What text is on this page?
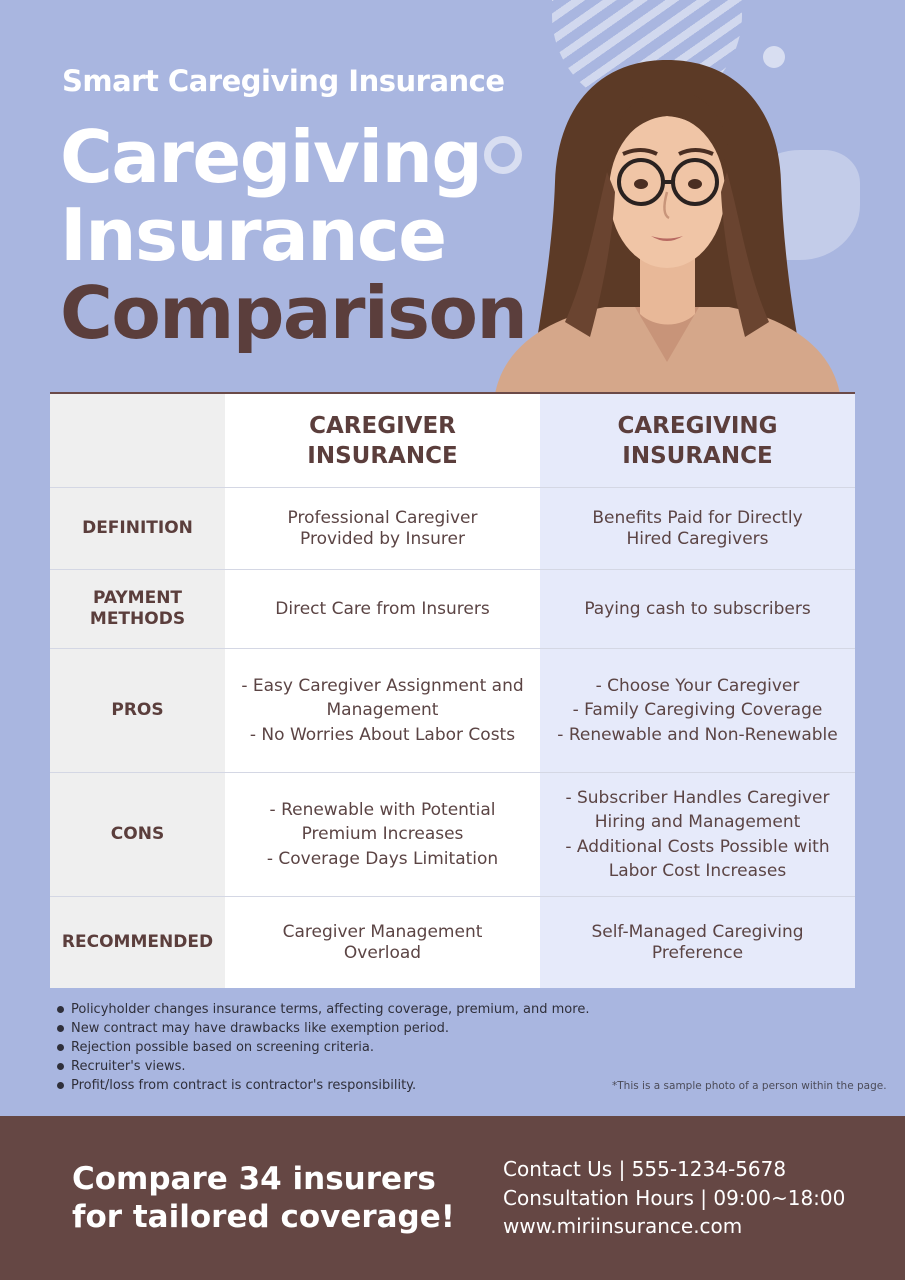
Smart Caregiving Insurance
Caregiving
Insurance
Comparison
CAREGIVER
INSURANCE
CAREGIVING
INSURANCE
DEFINITION
Professional Caregiver
Provided by Insurer
Benefits Paid for Directly
Hired Caregivers
PAYMENT
METHODS
Direct Care from Insurers	Paying cash to subscribers
PROS
- Easy Caregiver Assignment and
Management
- No Worries About Labor Costs
- Choose Your Caregiver
- Family Caregiving Coverage
- Renewable and Non-Renewable
CONS
- Renewable with Potential
Premium Increases
- Coverage Days Limitation
- Subscriber Handles Caregiver
Hiring and Management
- Additional Costs Possible with
Labor Cost Increases
RECOMMENDED
Caregiver Management
Overload
Self-Managed Caregiving
Preference
Policyholder changes insurance terms, affecting coverage, premium, and more.
New contract may have drawbacks like exemption period.
Rejection possible based on screening criteria.
Recruiter's views.
Profit/loss from contract is contractor's responsibility.	*This is a sample photo of a person within the page.
Compare 34 insurers
for tailored coverage!
Contact Us | 555-1234-5678
Consultation Hours | 09:00~18:00
www.miriinsurance.com
